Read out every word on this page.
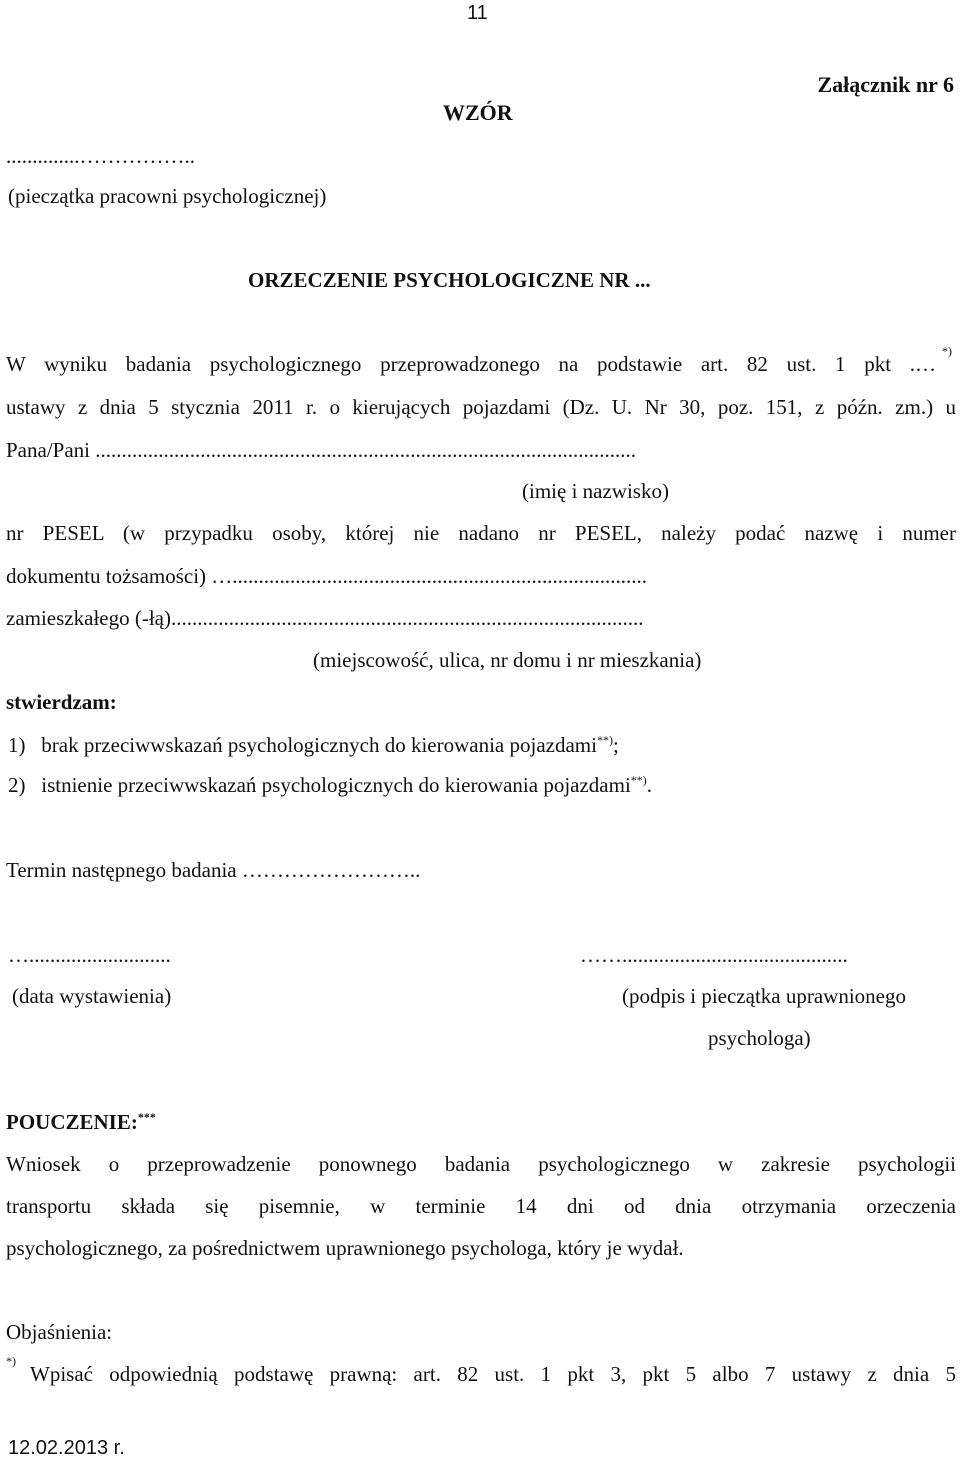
11
Załącznik nr 6
WZÓR
..............……………..
(pieczątka pracowni psychologicznej)
ORZECZENIE PSYCHOLOGICZNE NR ...
W wyniku badania psychologicznego przeprowadzonego na podstawie art. 82 ust. 1 pkt .…
*)
ustawy z dnia 5 stycznia 2011 r. o kierujących pojazdami (Dz. U. Nr 30, poz. 151, z późn. zm.) u
Pana/Pani .......................................................................................................
(imię i nazwisko)
nr PESEL (w przypadku osoby, której nie nadano nr PESEL, należy podać nazwę i numer
dokumentu tożsamości) …...............................................................................
zamieszkałego (-łą)..........................................................................................
(miejscowość, ulica, nr domu i nr mieszkania)
stwierdzam:
1) brak przeciwwskazań psychologicznych do kierowania pojazdami**);
2) istnienie przeciwwskazań psychologicznych do kierowania pojazdami**).
Termin następnego badania ……………………..
…...........................	……...........................................
(data wystawienia)	(podpis i pieczątka uprawnionego
psychologa)
POUCZENIE:***
Wniosek o przeprowadzenie ponownego badania psychologicznego w zakresie psychologii
transportu składa się pisemnie, w terminie 14 dni od dnia otrzymania orzeczenia
psychologicznego, za pośrednictwem uprawnionego psychologa, który je wydał.
Objaśnienia:
*)
Wpisać odpowiednią podstawę prawną: art. 82 ust. 1 pkt 3, pkt 5 albo 7 ustawy z dnia 5
12.02.2013 r.
